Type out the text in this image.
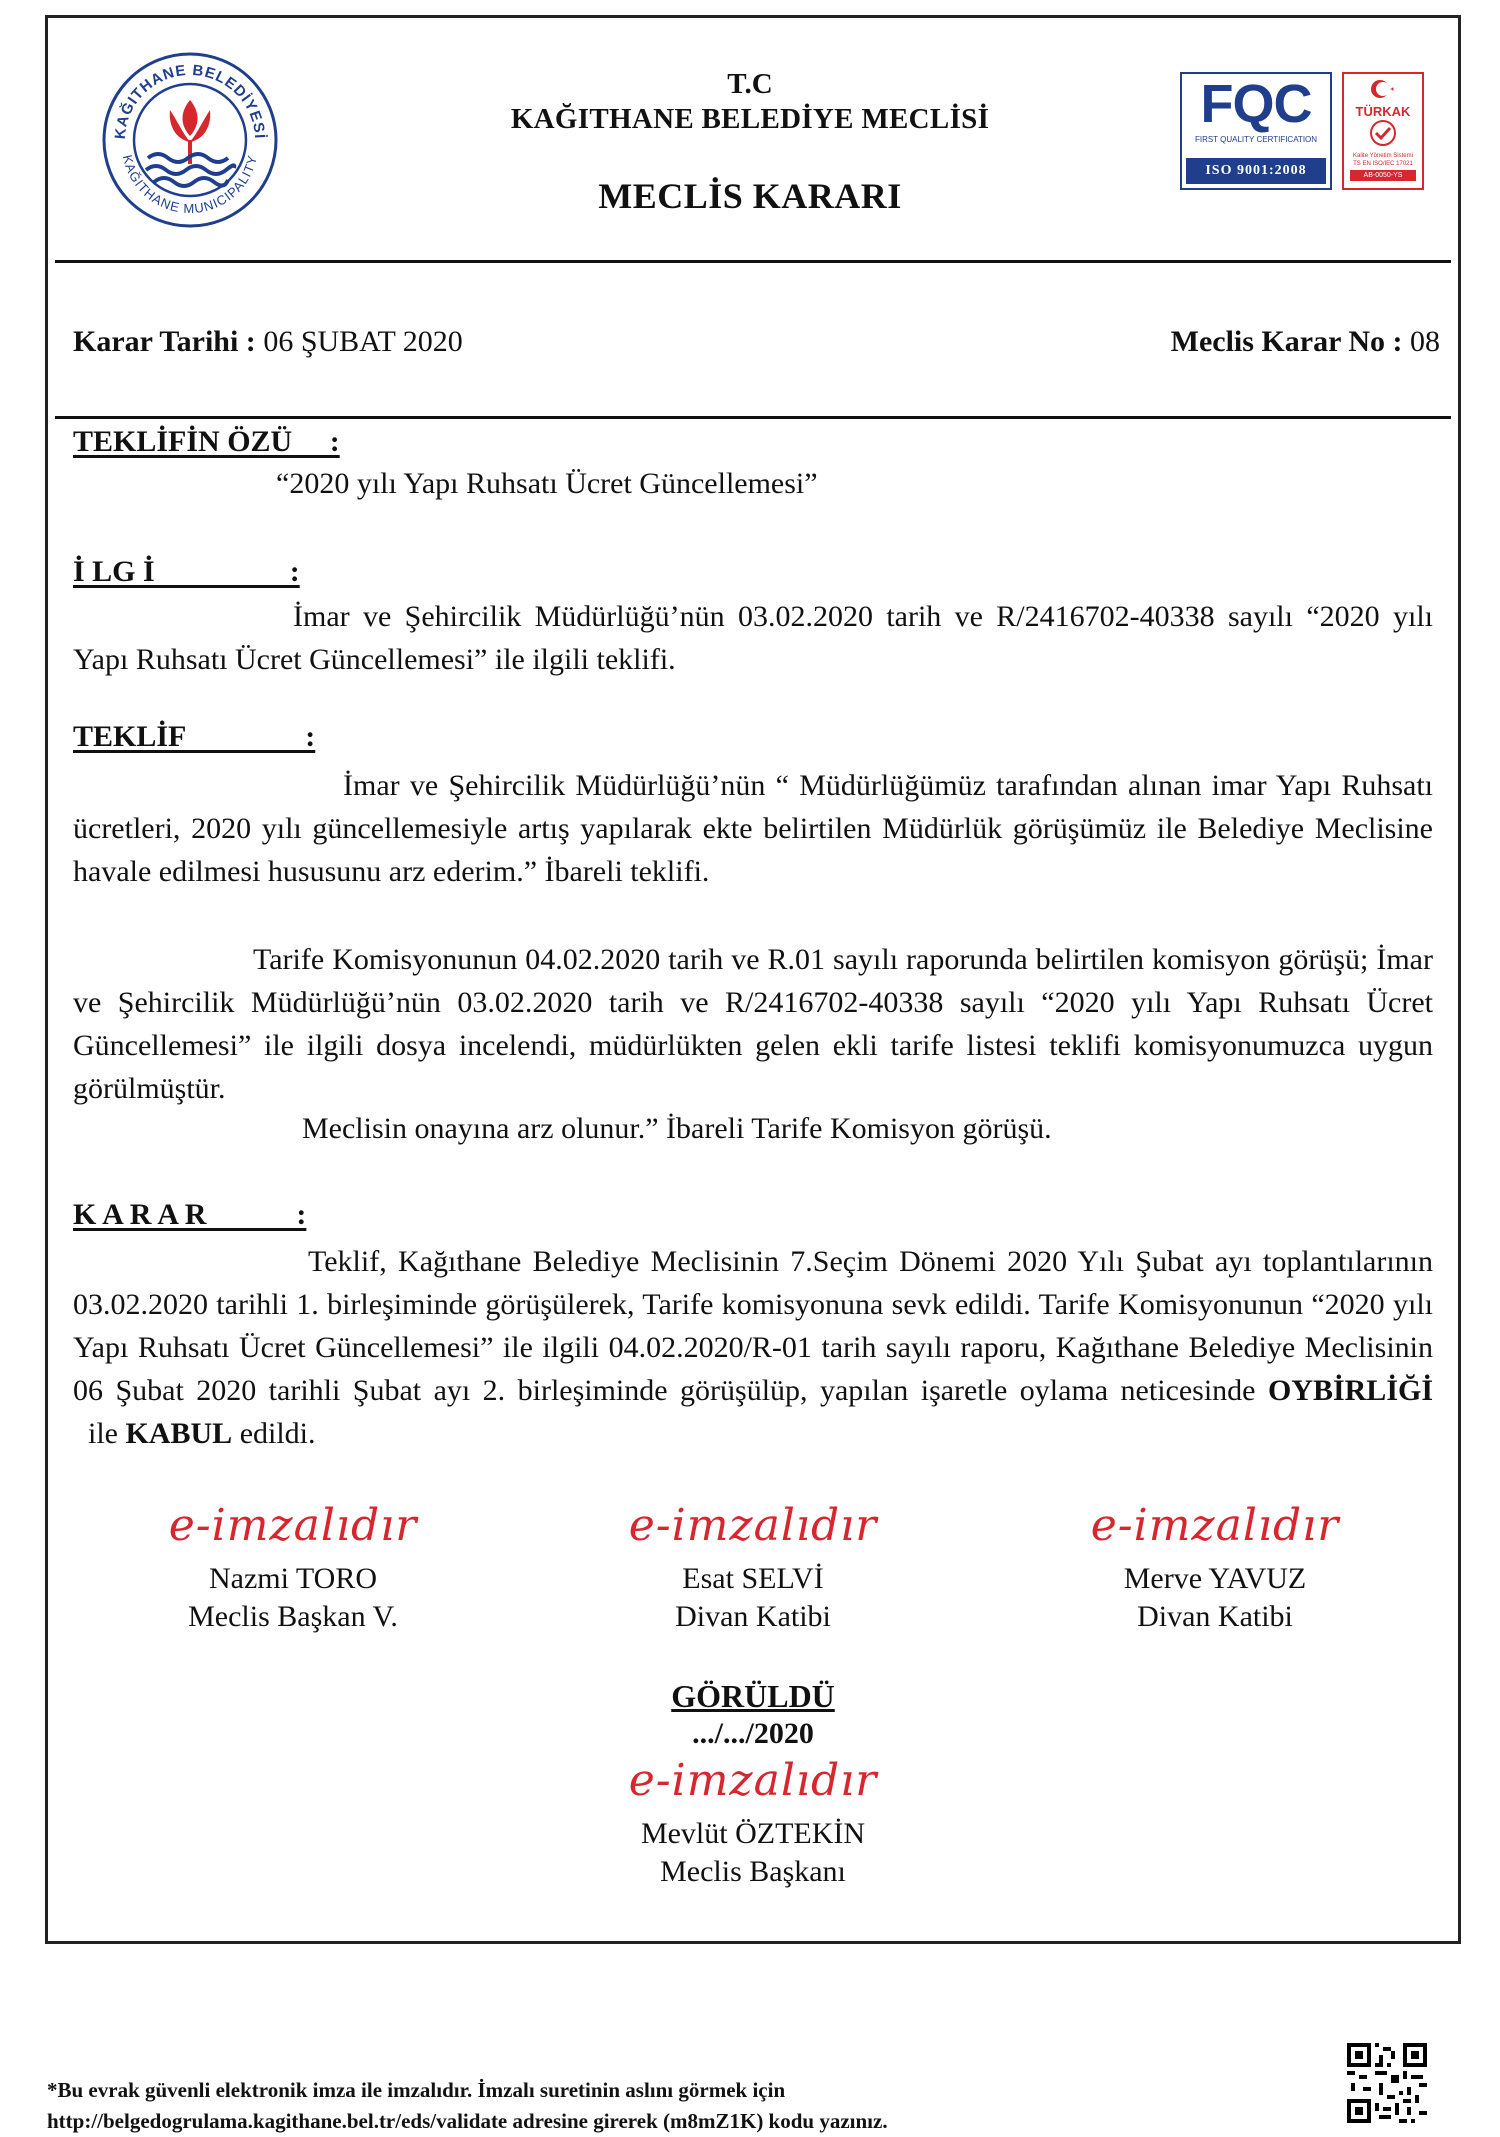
KAĞITHANE BELEDİYESİ
KAĞITHANE MUNICIPALITY
T.C
KAĞITHANE BELEDİYE MECLİSİ
MECLİS KARARI
FQC
FIRST QUALITY CERTIFICATION
ISO 9001:2008
TÜRKAK
Kalite Yönetim Sistemi
TS EN ISO/IEC 17021
AB-0050-YS
Karar Tarihi : 06 ŞUBAT 2020	Meclis Karar No : 08
TEKLİFİN ÖZÜ     :
“2020 yılı Yapı Ruhsatı Ücret Güncellemesi”
İ LG İ                  :
İmar ve Şehircilik Müdürlüğü’nün 03.02.2020 tarih ve R/2416702-40338 sayılı “2020 yılı Yapı Ruhsatı Ücret Güncellemesi” ile ilgili teklifi.
TEKLİF                :
İmar ve Şehircilik Müdürlüğü’nün “ Müdürlüğümüz tarafından alınan imar Yapı Ruhsatı ücretleri, 2020 yılı güncellemesiyle artış yapılarak ekte belirtilen Müdürlük görüşümüz ile Belediye Meclisine havale edilmesi hususunu arz ederim.” İbareli teklifi.
Tarife Komisyonunun 04.02.2020 tarih ve R.01 sayılı raporunda belirtilen komisyon görüşü; İmar ve Şehircilik Müdürlüğü’nün 03.02.2020 tarih ve R/2416702-40338 sayılı “2020 yılı Yapı Ruhsatı Ücret Güncellemesi” ile ilgili dosya incelendi, müdürlükten gelen ekli tarife listesi teklifi komisyonumuzca uygun görülmüştür.
Meclisin onayına arz olunur.” İbareli Tarife Komisyon görüşü.
K A R A R            :
Teklif, Kağıthane Belediye Meclisinin 7.Seçim Dönemi 2020 Yılı Şubat ayı toplantılarının 03.02.2020 tarihli 1. birleşiminde görüşülerek, Tarife komisyonuna sevk edildi. Tarife Komisyonunun “2020 yılı Yapı Ruhsatı Ücret Güncellemesi” ile ilgili 04.02.2020/R-01 tarih sayılı raporu, Kağıthane Belediye Meclisinin 06 Şubat 2020 tarihli Şubat ayı 2. birleşiminde görüşülüp, yapılan işaretle oylama neticesinde OYBİRLİĞİ  ile KABUL edildi.
e-imzalıdır
Nazmi TORO
Meclis Başkan V.
e-imzalıdır
Esat SELVİ
Divan Katibi
e-imzalıdır
Merve YAVUZ
Divan Katibi
GÖRÜLDÜ
.../.../2020
e-imzalıdır
Mevlüt ÖZTEKİN
Meclis Başkanı
*Bu evrak güvenli elektronik imza ile imzalıdır. İmzalı suretinin aslını görmek için
http://belgedogrulama.kagithane.bel.tr/eds/validate adresine girerek (m8mZ1K) kodu yazınız.
